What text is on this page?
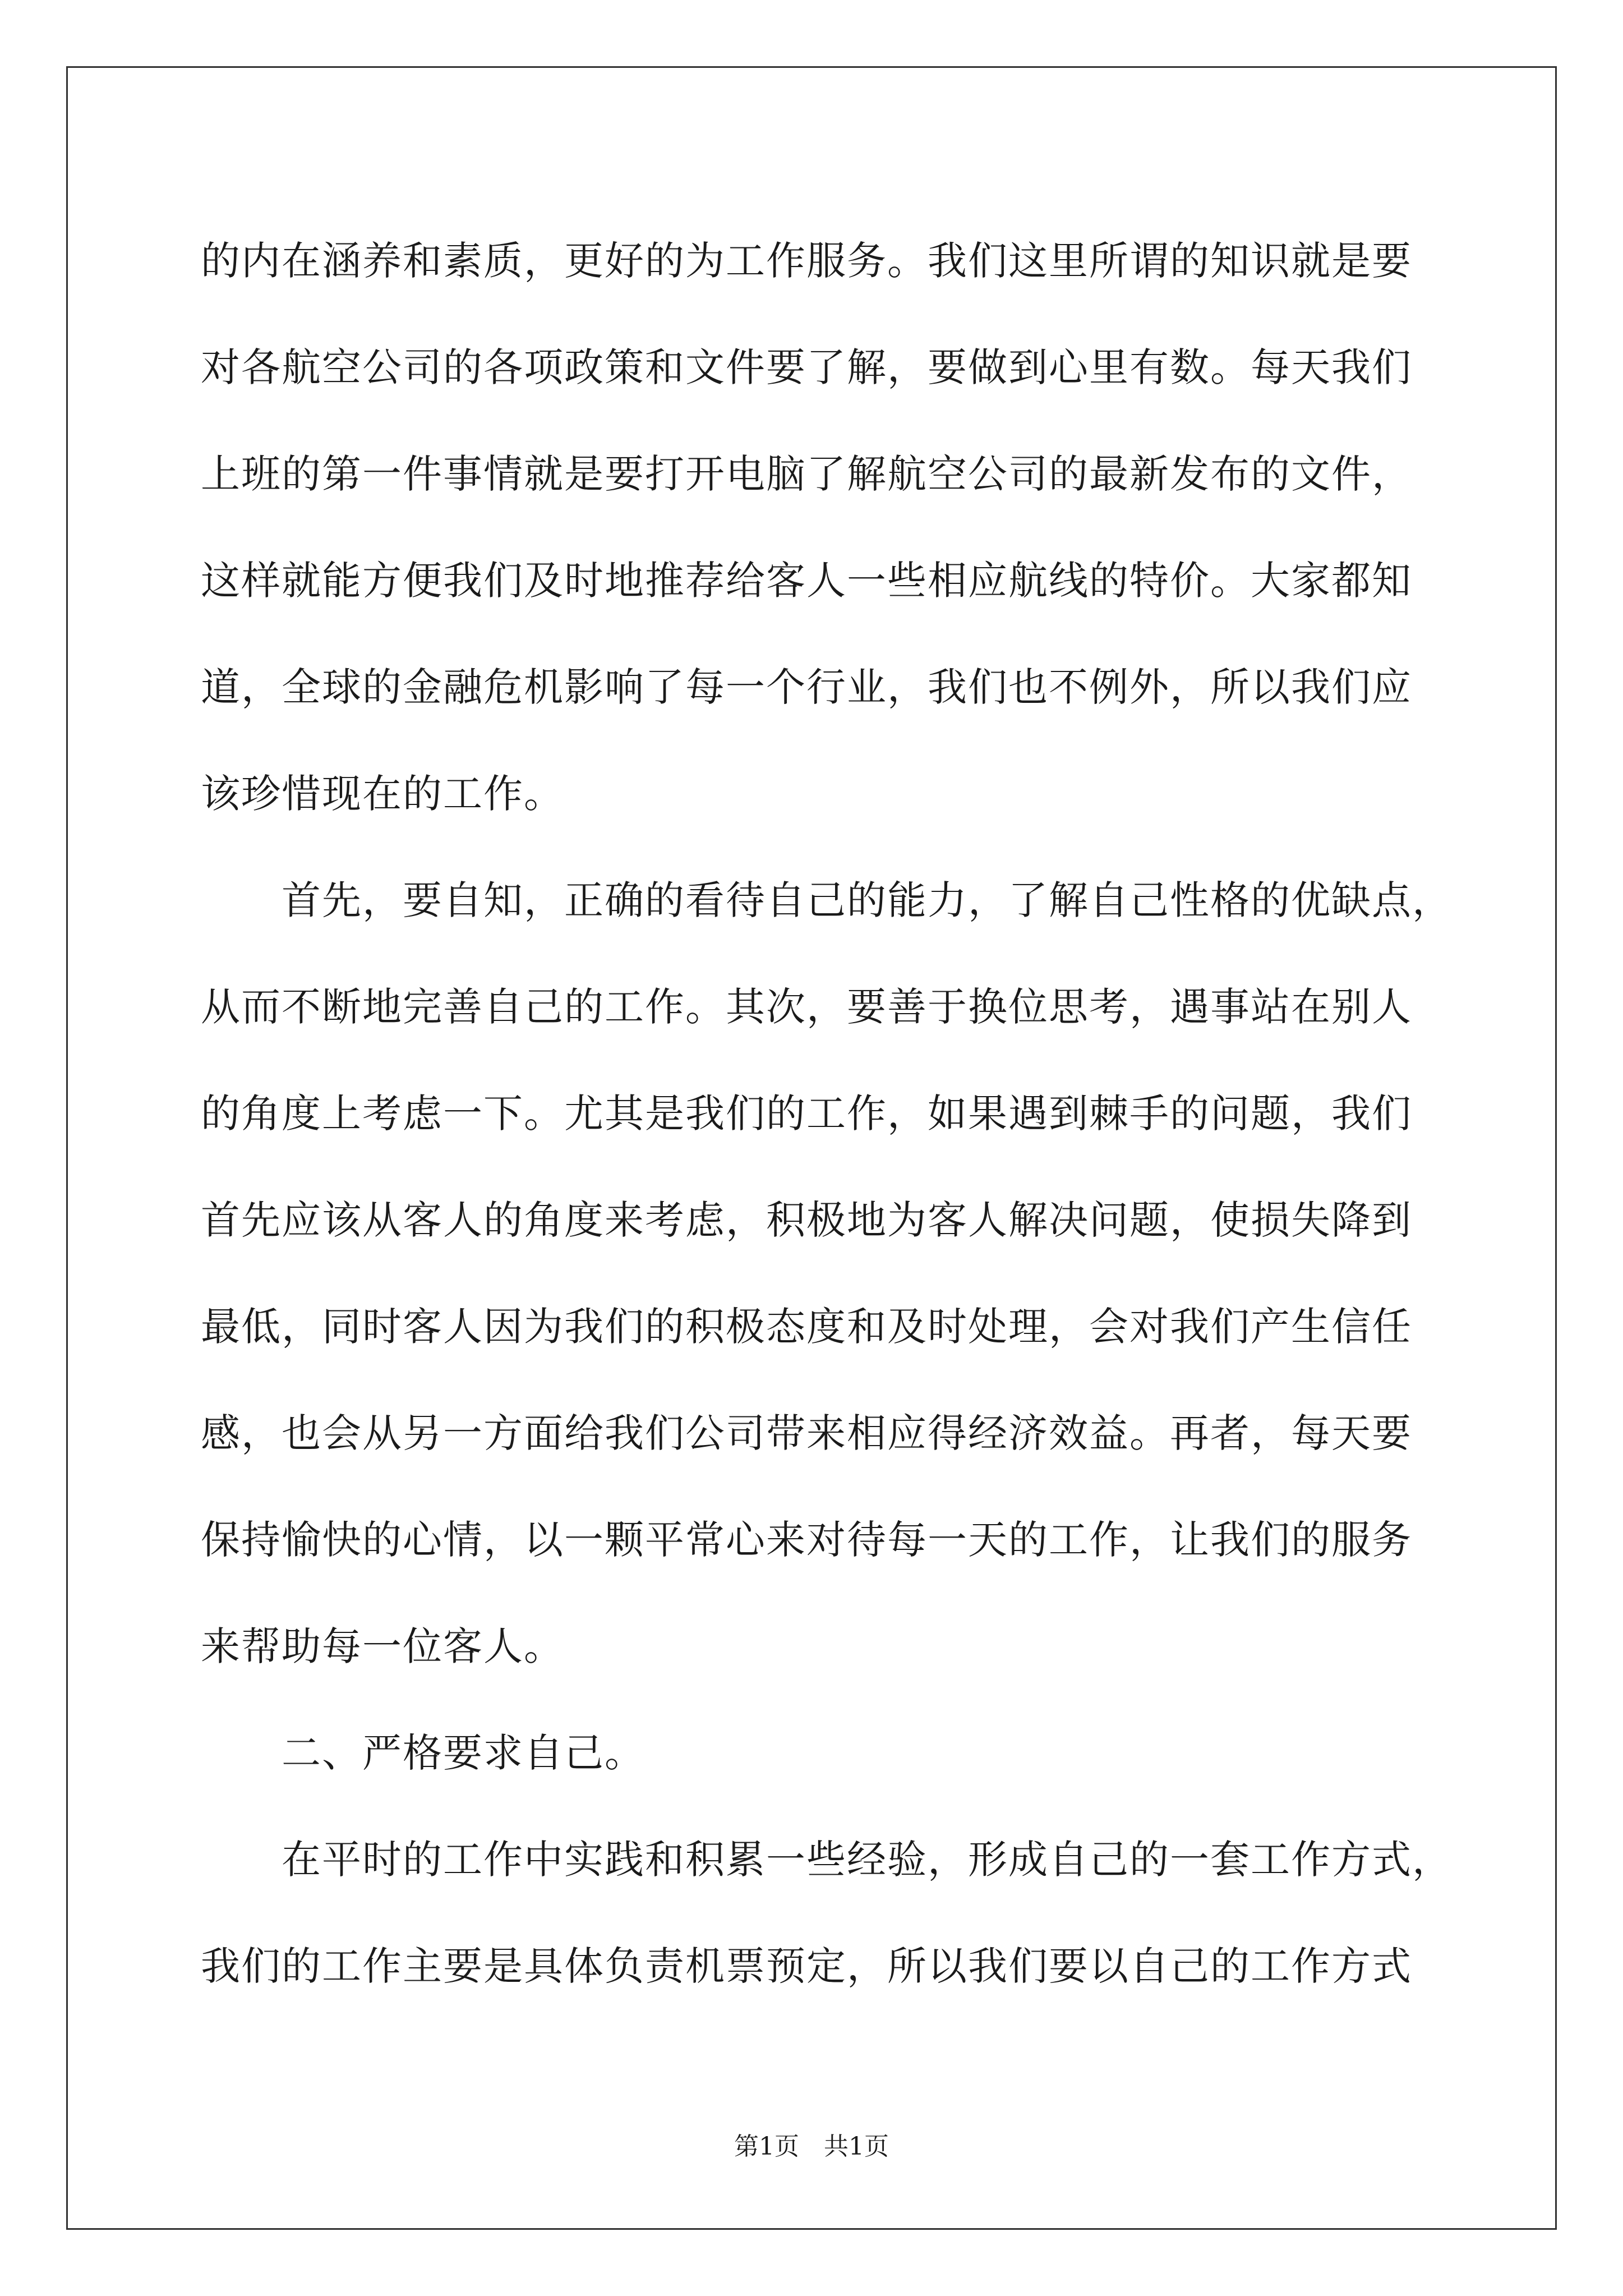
的内在涵养和素质，更好的为工作服务。我们这里所谓的知识就是要
对各航空公司的各项政策和文件要了解，要做到心里有数。每天我们
上班的第一件事情就是要打开电脑了解航空公司的最新发布的文件，
这样就能方便我们及时地推荐给客人一些相应航线的特价。大家都知
道，全球的金融危机影响了每一个行业，我们也不例外，所以我们应
该珍惜现在的工作。
　　首先，要自知，正确的看待自己的能力，了解自己性格的优缺点，
从而不断地完善自己的工作。其次，要善于换位思考，遇事站在别人
的角度上考虑一下。尤其是我们的工作，如果遇到棘手的问题，我们
首先应该从客人的角度来考虑，积极地为客人解决问题，使损失降到
最低，同时客人因为我们的积极态度和及时处理，会对我们产生信任
感，也会从另一方面给我们公司带来相应得经济效益。再者，每天要
保持愉快的心情，以一颗平常心来对待每一天的工作，让我们的服务
来帮助每一位客人。
　　二、严格要求自己。
　　在平时的工作中实践和积累一些经验，形成自己的一套工作方式，
我们的工作主要是具体负责机票预定，所以我们要以自己的工作方式
第1页　共1页
